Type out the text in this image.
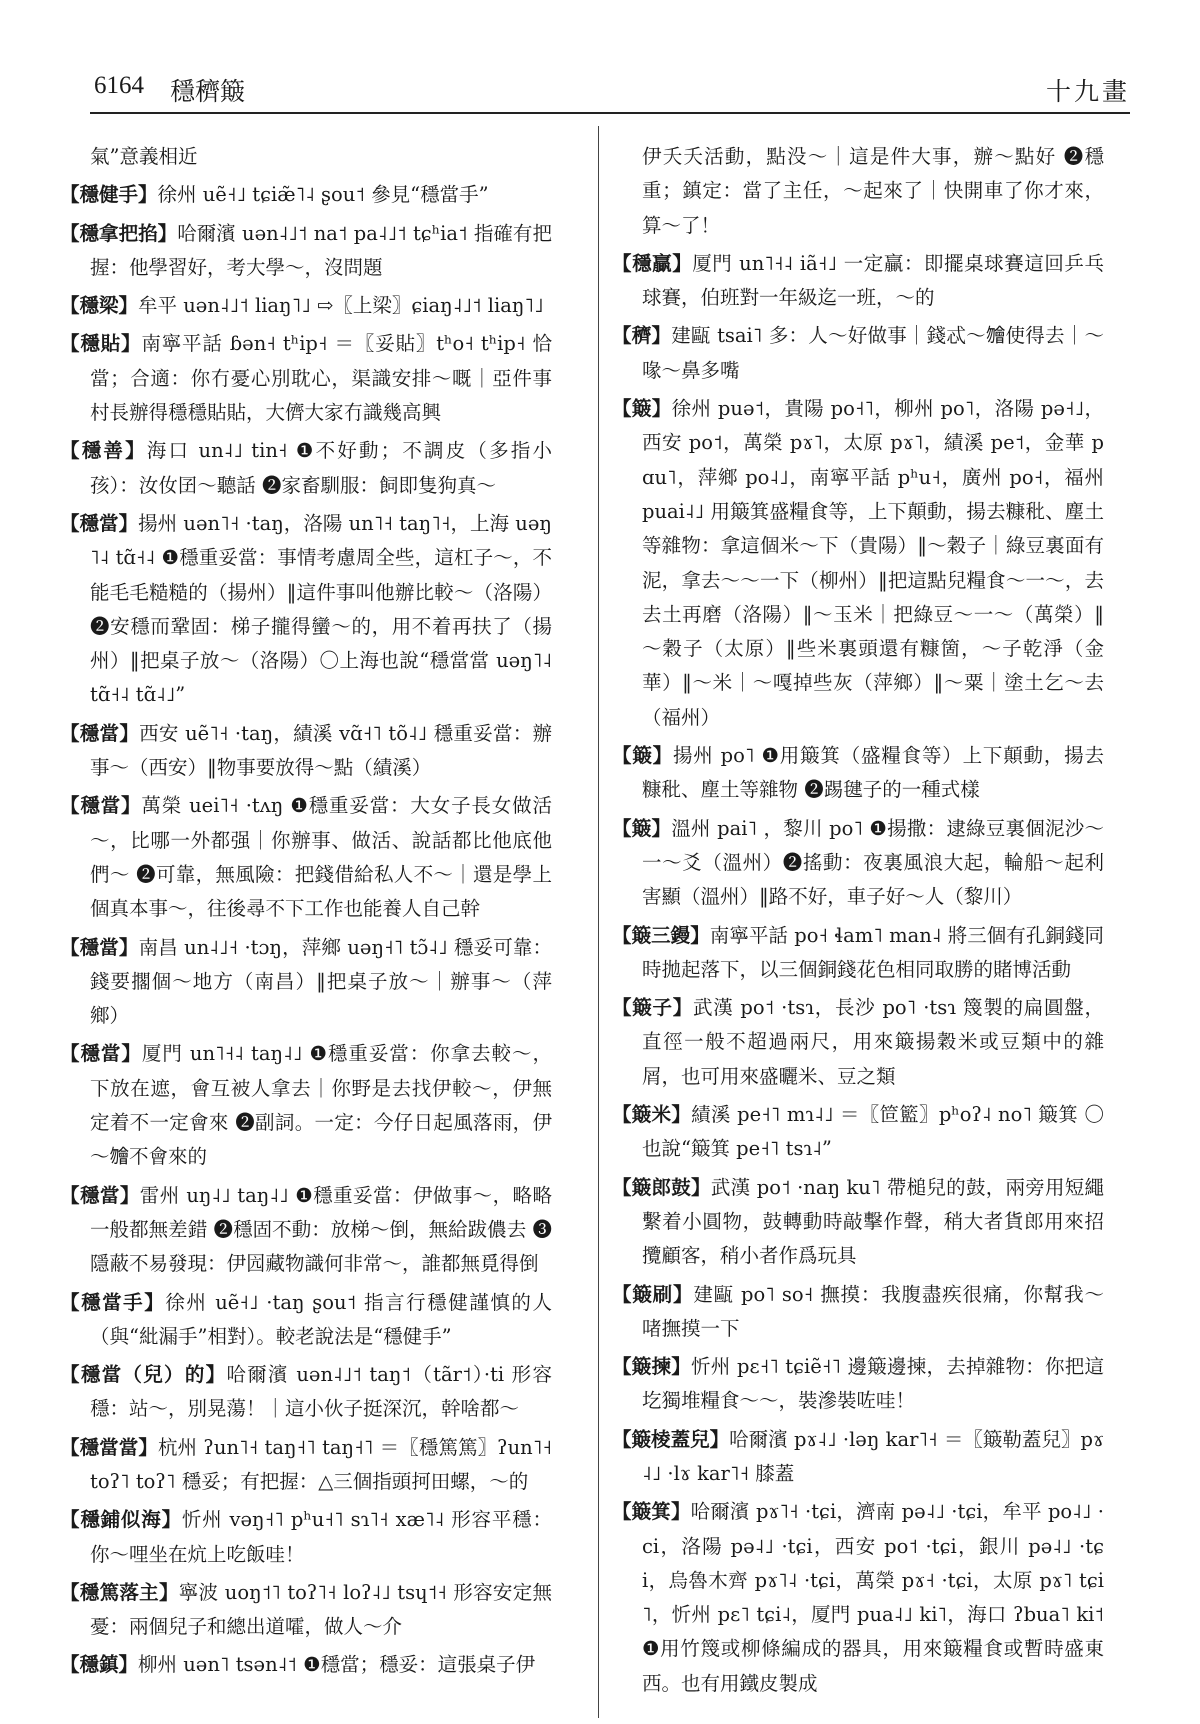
6164 穩穧簸	十九畫

氣”意義相近

【 穩健手 】 徐州 uẽ˧˩ tɕiæ̃˥˨ ʂou˦ 參見“穩當手”

【 穩拿把掐 】 哈爾濱 uən˨˩˦ na˦ pa˨˩˦ tɕʰia˦ 指確有把握：他學習好，考大學～，沒問題

【 穩梁 】 牟平 uən˨˩˦ liaŋ˥˩ ⇨〖上梁〗ɕiaŋ˨˩˦ liaŋ˥˩

【 穩貼 】 南寧平話 ɓən˧ tʰip˧ ＝〖妥貼〗tʰo˧ tʰip˧ 恰當；合適：你冇憂心別耽心，渠識安排～嘅｜亞件事村長辦得穩穩貼貼，大儕大家冇識幾高興

【 穩善 】 海口 un˨˩ tin˧ ❶不好動；不調皮（多指小孩）：汝㚢囝～聽話 ❷家畜馴服：飼即隻狗真～

【 穩當 】 揚州 uən˥˧ ·taŋ，洛陽 un˥˧ taŋ˥˧，上海 uəŋ˥˨ tɑ̃˧˨ ❶穩重妥當：事情考慮周全些，這杠子～，不能毛毛糙糙的（揚州）‖這件事叫他辦比較～（洛陽）❷安穩而鞏固：梯子攏得蠻～的，用不着再扶了（揚州）‖把桌子放～（洛陽）〇上海也說“穩當當 uəŋ˥˨ tɑ̃˧˨ tɑ̃˨˩”

【 穩當 】 西安 uẽ˥˧ ·taŋ，績溪 vɑ̃˧˥ tõ˨˩ 穩重妥當：辦事～（西安）‖物事要放得～點（績溪）

【 穩當 】 萬榮 uei˥˧ ·tʌŋ ❶穩重妥當：大女子長女做活～，比哪一外都强｜你辦事、做活、說話都比他底他們～ ❷可靠，無風險：把錢借給私人不～｜還是學上個真本事～，往後尋不下工作也能養人自己幹

【 穩當 】 南昌 un˨˩˧ ·tɔŋ，萍鄉 uəŋ˧˥ tɔ̃˨˩ 穩妥可靠：錢要擱個～地方（南昌）‖把桌子放～｜辦事～（萍鄉）

【 穩當 】 厦門 un˥˧˨ taŋ˨˩ ❶穩重妥當：你拿去較～，下放在遮，會互被人拿去｜你野是去找伊較～，伊無定着不一定會來 ❷副詞。一定：今仔日起風落雨，伊～𣍐不會來的

【 穩當 】 雷州 uŋ˨˩ taŋ˨˩ ❶穩重妥當：伊做事～，略略一般都無差錯 ❷穩固不動：放梯～倒，無給跋儂去 ❸隱蔽不易發現：伊囥藏物識何非常～，誰都無覓得倒

【 穩當手 】 徐州 uẽ˧˩ ·taŋ ʂou˦ 指言行穩健謹慎的人（與“紕漏手”相對）。較老說法是“穩健手”

【 穩當（兒）的 】 哈爾濱 uən˨˩˦ taŋ˦（tãr˦）·ti 形容穩：站～，別晃蕩！｜這小伙子挺深沉，幹啥都～

【 穩當當 】 杭州 ʔun˥˧ taŋ˧˥ taŋ˧˥ ＝〖穩篤篤〗ʔun˥˧ toʔ˥ toʔ˥ 穩妥；有把握：△三個指頭抲田螺，～的

【 穩鋪似海 】 忻州 vəŋ˧˥ pʰu˧˥ sɿ˥˧ xæ˥˨ 形容平穩：你～哩坐在炕上吃飯哇！

【 穩篤落主 】 寧波 uoŋ˦˥ toʔ˥˧ loʔ˨˩ tsɥ˦˧ 形容安定無憂：兩個兒子和總出道嚯，做人～介

【 穩鎮 】 柳州 uən˥ tsən˨˦ ❶穩當；穩妥：這張桌子伊

伊夭夭活動，點没～｜這是件大事，辦～點好 ❷穩重；鎮定：當了主任，～起來了｜快開車了你才來，算～了！

【 穩贏 】 厦門 un˥˧˨ iã˧˩ 一定贏：即擺桌球賽這回乒乓球賽，伯班對一年級迄一班，～的

【 穧 】 建甌 tsai˥ 多：人～好做事｜錢忒～𣍐使得去｜～喙～鼻多嘴

【 簸 】 徐州 puə˦，貴陽 po˧˥，柳州 po˥，洛陽 pə˧˩，西安 po˦，萬榮 pɤ˥，太原 pɤ˥，績溪 pe˦，金華 pɑu˥，萍鄉 po˨˩，南寧平話 pʰu˧，廣州 po˧，福州 puai˨˩ 用簸箕盛糧食等，上下顛動，揚去糠秕、塵土等雜物：拿這個米～下（貴陽）‖～穀子｜綠豆裏面有泥，拿去～～一下（柳州）‖把這點兒糧食～一～，去去土再磨（洛陽）‖～玉米｜把綠豆～一～（萬榮）‖～穀子（太原）‖些米裏頭還有糠箇，～子乾淨（金華）‖～米｜～嘎掉些灰（萍鄉）‖～粟｜塗土乞～去（福州）

【 簸 】 揚州 po˥ ❶用簸箕（盛糧食等）上下顛動，揚去糠秕、塵土等雜物 ❷踢毽子的一種式樣

【 簸 】 溫州 pai˥ ，黎川 po˥ ❶揚撒：逮綠豆裏個泥沙～一～爻（溫州）❷搖動：夜裏風浪大起，輪船～起利害顯（溫州）‖路不好，車子好～人（黎川）

【 簸三鏝 】 南寧平話 po˧ ɬam˥ man˨ 將三個有孔銅錢同時拋起落下，以三個銅錢花色相同取勝的賭博活動

【 簸子 】 武漢 po˦ ·tsɿ，長沙 po˥ ·tsɿ 篾製的扁圓盤，直徑一般不超過兩尺，用來簸揚穀米或豆類中的雜屑，也可用來盛曬米、豆之類

【 簸米 】 績溪 pe˧˥ mɿ˨˩ ＝〖笸籃〗pʰoʔ˨ no˥ 簸箕 〇也說“簸箕 pe˧˥ tsɿ˨”

【 簸郎鼓 】 武漢 po˦ ·naŋ ku˥ 帶槌兒的鼓，兩旁用短繩繫着小圓物，鼓轉動時敲擊作聲，稍大者貨郎用來招攬顧客，稍小者作爲玩具

【 簸刷 】 建甌 po˥ so˧ 撫摸：我腹盡疾很痛，你幫我～啫撫摸一下

【 簸揀 】 忻州 pɛ˧˥ tɕiẽ˧˥ 邊簸邊揀，去掉雜物：你把這圪獨堆糧食～～，裝滲裝咗哇！

【 簸棱蓋兒 】 哈爾濱 pɤ˨˩ ·ləŋ kar˥˧ ＝〖簸勒蓋兒〗pɤ˨˩ ·lɤ kar˥˧ 膝蓋

【 簸箕 】 哈爾濱 pɤ˥˧ ·tɕi，濟南 pə˨˩ ·tɕi，牟平 po˨˩ ·ci，洛陽 pə˨˩ ·tɕi，西安 po˦ ·tɕi，銀川 pə˨˩ ·tɕi，烏魯木齊 pɤ˥˨ ·tɕi，萬榮 pɤ˧ ·tɕi，太原 pɤ˥ tɕi˥，忻州 pɛ˥ tɕi˨，厦門 pua˨˩ ki˥，海口 ʔbua˥ ki˦ ❶用竹篾或柳條編成的器具，用來簸糧食或暫時盛東西。也有用鐵皮製成
